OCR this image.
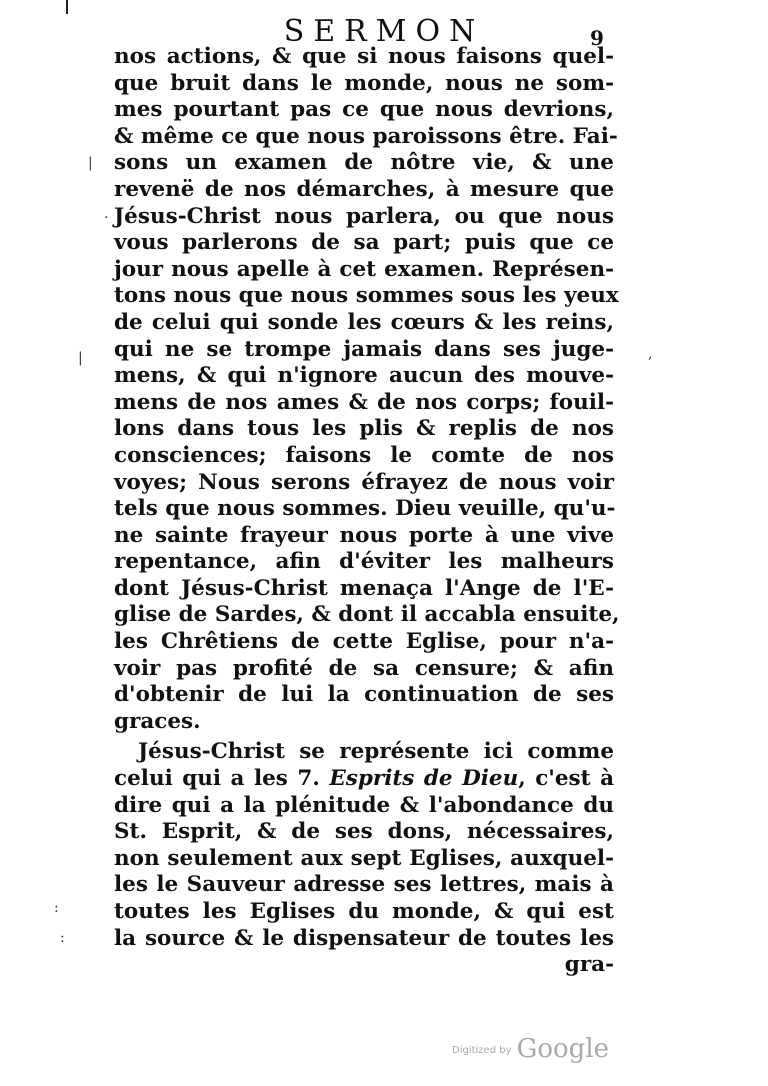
SERMON	9
nos actions, & que si nous faisons quel-
que bruit dans le monde, nous ne som-
mes pourtant pas ce que nous devrions,
& même ce que nous paroissons être. Fai-
sons un examen de nôtre vie, & une
revenë de nos démarches, à mesure que
Jésus-Christ nous parlera, ou que nous
vous parlerons de sa part; puis que ce
jour nous apelle à cet examen. Représen-
tons nous que nous sommes sous les yeux
de celui qui sonde les cœurs & les reins,
qui ne se trompe jamais dans ses juge-
mens, & qui n'ignore aucun des mouve-
mens de nos ames & de nos corps; fouil-
lons dans tous les plis & replis de nos
consciences; faisons le comte de nos
voyes; Nous serons éfrayez de nous voir
tels que nous sommes. Dieu veuille, qu'u-
ne sainte frayeur nous porte à une vive
repentance, afin d'éviter les malheurs
dont Jésus-Christ menaça l'Ange de l'E-
glise de Sardes, & dont il accabla ensuite,
les Chrêtiens de cette Eglise, pour n'a-
voir pas profité de sa censure; & afin
d'obtenir de lui la continuation de ses
graces.
Jésus-Christ se représente ici comme
celui qui a les 7. Esprits de Dieu, c'est à
dire qui a la plénitude & l'abondance du
St. Esprit, & de ses dons, nécessaires,
non seulement aux sept Eglises, auxquel-
les le Sauveur adresse ses lettres, mais à
toutes les Eglises du monde, & qui est
la source & le dispensateur de toutes les
gra-
|
.
|	,
:
:
$^{Digitized by}$ Google
